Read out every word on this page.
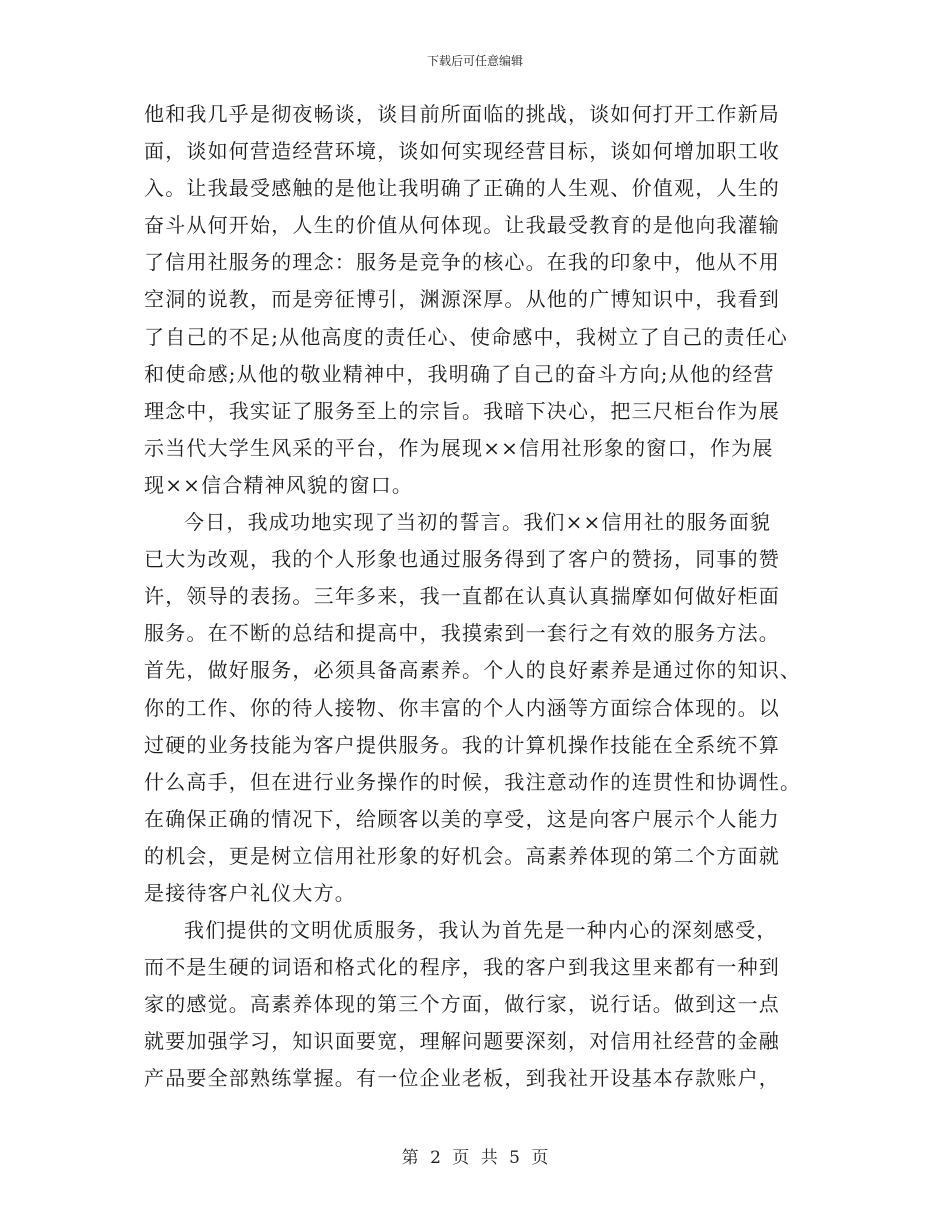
下载后可任意编辑
他和我几乎是彻夜畅谈，谈目前所面临的挑战，谈如何打开工作新局
面，谈如何营造经营环境，谈如何实现经营目标，谈如何增加职工收
入。让我最受感触的是他让我明确了正确的人生观、价值观，人生的
奋斗从何开始，人生的价值从何体现。让我最受教育的是他向我灌输
了信用社服务的理念：服务是竞争的核心。在我的印象中，他从不用
空洞的说教，而是旁征博引，渊源深厚。从他的广博知识中，我看到
了自己的不足;从他高度的责任心、使命感中，我树立了自己的责任心
和使命感;从他的敬业精神中，我明确了自己的奋斗方向;从他的经营
理念中，我实证了服务至上的宗旨。我暗下决心，把三尺柜台作为展
示当代大学生风采的平台，作为展现××信用社形象的窗口，作为展
现××信合精神风貌的窗口。
今日，我成功地实现了当初的誓言。我们××信用社的服务面貌
已大为改观，我的个人形象也通过服务得到了客户的赞扬，同事的赞
许，领导的表扬。三年多来，我一直都在认真认真揣摩如何做好柜面
服务。在不断的总结和提高中，我摸索到一套行之有效的服务方法。
首先，做好服务，必须具备高素养。个人的良好素养是通过你的知识、
你的工作、你的待人接物、你丰富的个人内涵等方面综合体现的。以
过硬的业务技能为客户提供服务。我的计算机操作技能在全系统不算
什么高手，但在进行业务操作的时候，我注意动作的连贯性和协调性。
在确保正确的情况下，给顾客以美的享受，这是向客户展示个人能力
的机会，更是树立信用社形象的好机会。高素养体现的第二个方面就
是接待客户礼仪大方。
我们提供的文明优质服务，我认为首先是一种内心的深刻感受，
而不是生硬的词语和格式化的程序，我的客户到我这里来都有一种到
家的感觉。高素养体现的第三个方面，做行家，说行话。做到这一点
就要加强学习，知识面要宽，理解问题要深刻，对信用社经营的金融
产品要全部熟练掌握。有一位企业老板，到我社开设基本存款账户，
第 2 页 共 5 页
